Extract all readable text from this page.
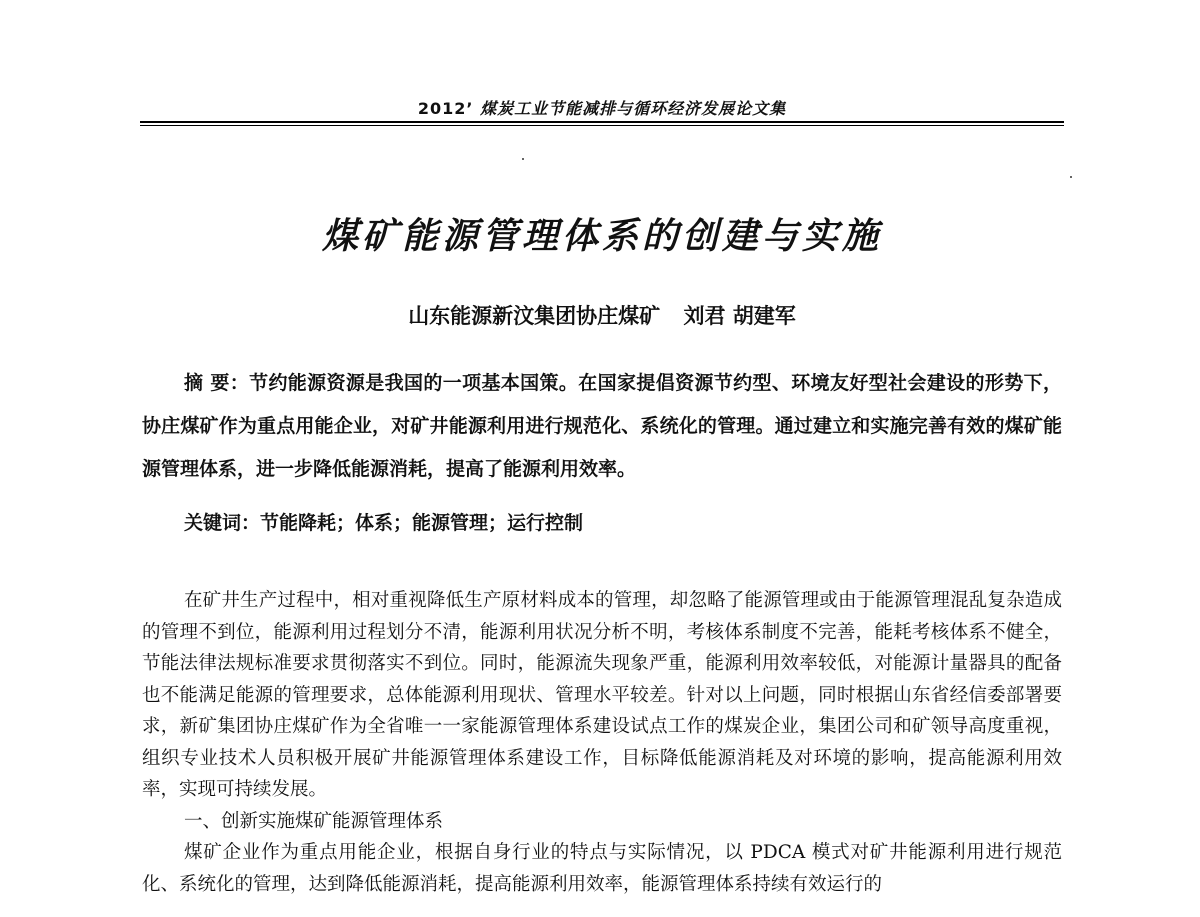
2012’ 煤炭工业节能减排与循环经济发展论文集
煤矿能源管理体系的创建与实施
山东能源新汶集团协庄煤矿 刘君 胡建军
摘 要：节约能源资源是我国的一项基本国策。在国家提倡资源节约型、环境友好型社会建设的形势下，协庄煤矿作为重点用能企业，对矿井能源利用进行规范化、系统化的管理。通过建立和实施完善有效的煤矿能源管理体系，进一步降低能源消耗，提高了能源利用效率。
关键词：节能降耗；体系；能源管理；运行控制

在矿井生产过程中，相对重视降低生产原材料成本的管理，却忽略了能源管理或由于能源管理混乱复杂造成的管理不到位，能源利用过程划分不清，能源利用状况分析不明，考核体系制度不完善，能耗考核体系不健全，节能法律法规标准要求贯彻落实不到位。同时，能源流失现象严重，能源利用效率较低，对能源计量器具的配备也不能满足能源的管理要求，总体能源利用现状、管理水平较差。针对以上问题，同时根据山东省经信委部署要求，新矿集团协庄煤矿作为全省唯一一家能源管理体系建设试点工作的煤炭企业，集团公司和矿领导高度重视，组织专业技术人员积极开展矿井能源管理体系建设工作，目标降低能源消耗及对环境的影响，提高能源利用效率，实现可持续发展。

一、创新实施煤矿能源管理体系

煤矿企业作为重点用能企业，根据自身行业的特点与实际情况，以 PDCA 模式对矿井能源利用进行规范化、系统化的管理，达到降低能源消耗，提高能源利用效率，能源管理体系持续有效运行的
